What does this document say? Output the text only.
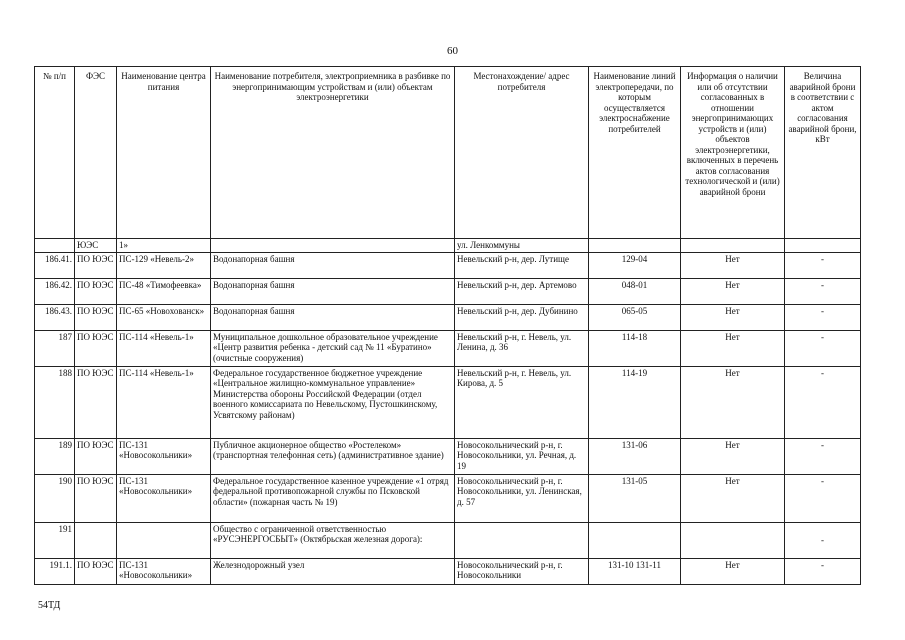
60
№ п/п	ФЭС	Наименование центра питания	Наименование потребителя, электроприемника в разбивке по энергопринимающим устройствам и (или) объектам электроэнергетики	Местонахождение/ адрес потребителя	Наименование линий электропередачи, по которым осуществляется электроснабжение потребителей	Информация о наличии или об отсутствии согласованных в отношении энергопринимающих устройств и (или) объектов электроэнергетики, включенных в перечень актов согласования технологической и (или) аварийной брони	Величина аварийной брони в соответствии с актом согласования аварийной брони, кВт
	ЮЭС	1»		ул. Ленкоммуны			
186.41.	ПО ЮЭС	ПС-129 «Невель-2»	Водонапорная башня	Невельский р-н, дер. Лутище	129-04	Нет	-
186.42.	ПО ЮЭС	ПС-48 «Тимофеевка»	Водонапорная башня	Невельский р-н, дер. Артемово	048-01	Нет	-
186.43.	ПО ЮЭС	ПС-65 «Новохованск»	Водонапорная башня	Невельский р-н, дер. Дубинино	065-05	Нет	-
187	ПО ЮЭС	ПС-114 «Невель-1»	Муниципальное дошкольное образовательное учреждение «Центр развития ребенка - детский сад № 11 «Буратино» (очистные сооружения)	Невельский р-н, г. Невель, ул. Ленина, д. 36	114-18	Нет	-
188	ПО ЮЭС	ПС-114 «Невель-1»	Федеральное государственное бюджетное учреждение «Центральное жилищно-коммунальное управление» Министерства обороны Российской Федерации (отдел военного комиссариата по Невельскому, Пустошкинскому, Усвятскому районам)	Невельский р-н, г. Невель, ул. Кирова, д. 5	114-19	Нет	-
189	ПО ЮЭС	ПС-131 «Новосокольники»	Публичное акционерное общество «Ростелеком» (транспортная телефонная сеть) (административное здание)	Новосокольнический р-н, г. Новосокольники, ул. Речная, д. 19	131-06	Нет	-
190	ПО ЮЭС	ПС-131 «Новосокольники»	Федеральное государственное казенное учреждение «1 отряд федеральной противопожарной службы по Псковской области» (пожарная часть № 19)	Новосокольнический р-н, г. Новосокольники, ул. Ленинская, д. 57	131-05	Нет	-
191			Общество с ограниченной ответственностью «РУСЭНЕРГОСБЫТ» (Октябрьская железная дорога):				-
191.1.	ПО ЮЭС	ПС-131 «Новосокольники»	Железнодорожный узел	Новосокольнический р-н, г. Новосокольники	131-10 131-11	Нет	-
54ТД
